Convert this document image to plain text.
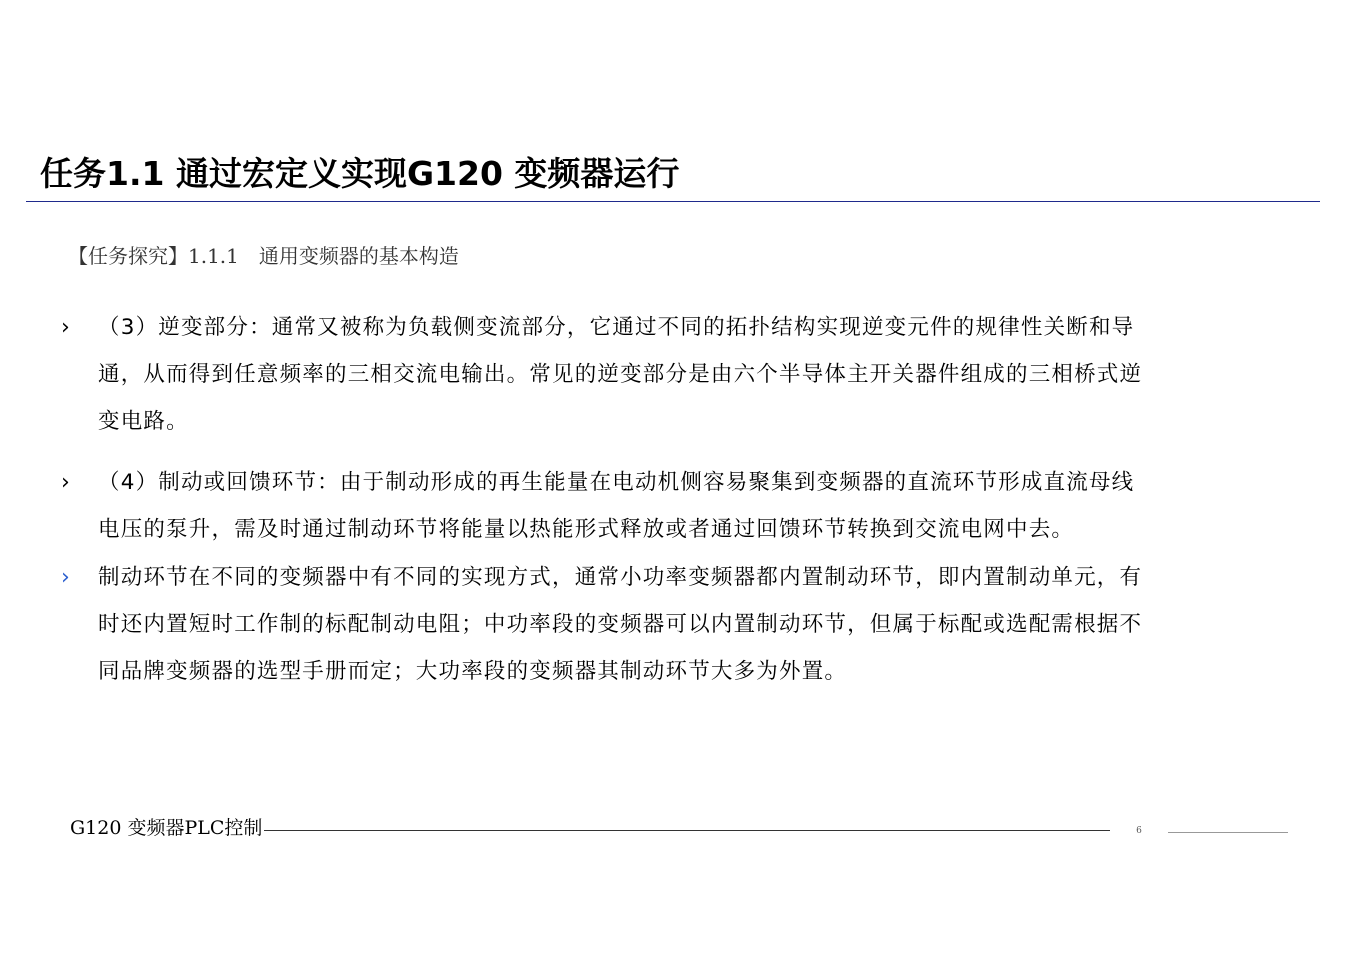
任务1.1 通过宏定义实现G120 变频器运行
【任务探究】1.1.1　通用变频器的基本构造
› （3）逆变部分：通常又被称为负载侧变流部分，它通过不同的拓扑结构实现逆变元件的规律性关断和导
通，从而得到任意频率的三相交流电输出。常见的逆变部分是由六个半导体主开关器件组成的三相桥式逆
变电路。
› （4）制动或回馈环节：由于制动形成的再生能量在电动机侧容易聚集到变频器的直流环节形成直流母线
电压的泵升，需及时通过制动环节将能量以热能形式释放或者通过回馈环节转换到交流电网中去。
› 制动环节在不同的变频器中有不同的实现方式，通常小功率变频器都内置制动环节，即内置制动单元，有
时还内置短时工作制的标配制动电阻；中功率段的变频器可以内置制动环节，但属于标配或选配需根据不
同品牌变频器的选型手册而定；大功率段的变频器其制动环节大多为外置。
G120 变频器PLC控制	6
